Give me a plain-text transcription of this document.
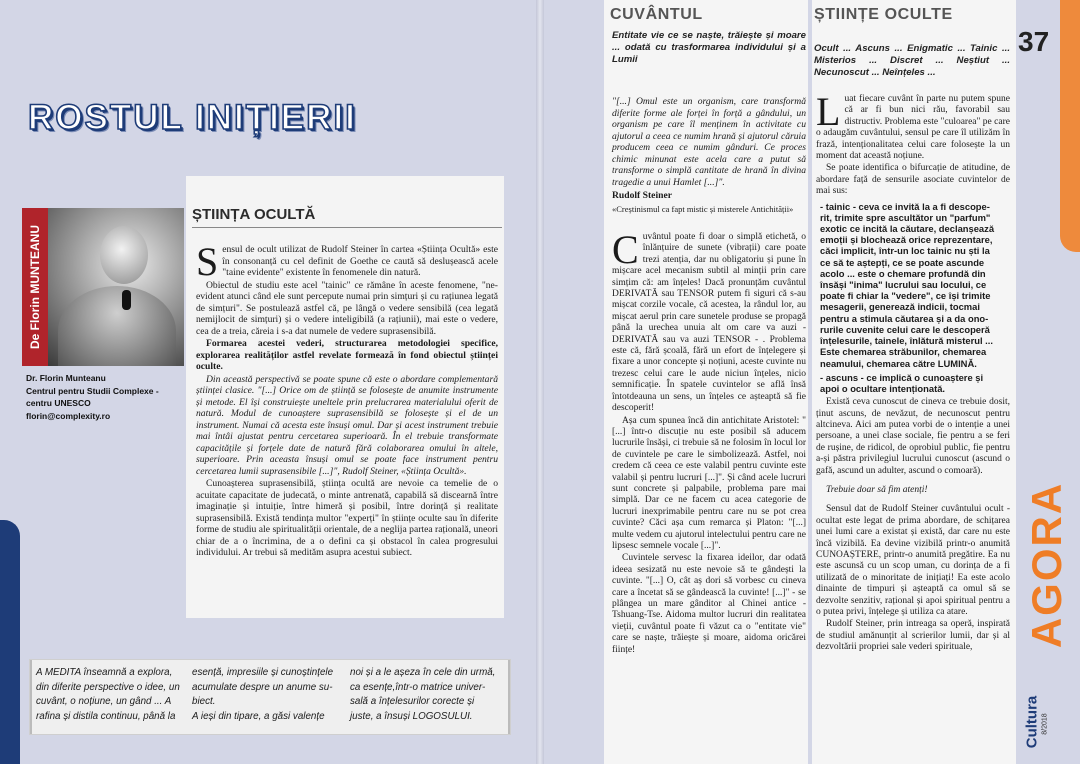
ROSTUL INIȚIERII
De Florin MUNTEANU
Dr. Florin Munteanu
Centrul pentru Studii Complexe -
centru UNESCO
florin@complexity.ro
ȘTIINȚA OCULTĂ

Sensul de ocult utilizat de Rudolf Steiner în cartea «Știința Ocultă» este în consonanță cu cel definit de Goethe ce caută să deslușească acele "taine evidente" existente în fenomenele din natură.

Obiectul de studiu este acel "tainic" ce rămâne în aceste fenomene, "ne-evident atunci când ele sunt percepute numai prin simțuri și cu rațiunea legată de simțuri". Se postulează astfel că, pe lângă o vedere sensibilă (cea legată nemijlocit de simțuri) și o vedere inteligibilă (a rațiunii), mai este o vedere, cea de a treia, căreia i s-a dat numele de vedere suprasensibilă.

Formarea acestei vederi, structurarea metodologiei specifice, explorarea realităților astfel revelate formează în fond obiectul științei oculte.

Din această perspectivă se poate spune că este o abordare complementară științei clasice. "[...] Orice om de știință se folosește de anumite instrumente și metode. El își construiește uneltele prin prelucrarea materialului oferit de natură. Modul de cunoaștere suprasensibilă se folosește și el de un instrument. Numai că acesta este însuși omul. Dar și acest instrument trebuie mai întâi ajustat pentru cercetarea superioară. În el trebuie transformate capacitățile și forțele date de natură fără colaborarea omului în altele, superioare. Prin aceasta însuși omul se poate face instrument pentru cercetarea lumii suprasensibile [...]", Rudolf Steiner, «Știința Ocultă».

Cunoașterea suprasensibilă, știința ocultă are nevoie ca temelie de o acuitate capacitate de judecată, o minte antrenată, capabilă să discearnă între imaginație și intuiție, între himeră și posibil, între dorință și realitate suprasensibilă. Există tendința multor "experți" în științe oculte sau în diferite forme de studiu ale spiritualității orientale, de a neglija partea rațională, uneori chiar de a o încrimina, de a o defini ca și obstacol în calea progresului individului. Ar trebui să medităm asupra acestui subiect.

A MEDITA înseamnă a explora,
din diferite perspective o idee, un
cuvânt, o noțiune, un gând ... A
rafina și distila continuu, până la
esență, impresiile și cunoștințele
acumulate despre un anume su-
biect.
A ieși din tipare, a găsi valențe
noi și a le așeza în cele din urmă,
ca esențe,într-o matrice univer-
sală a înțelesurilor corecte și
juste, a însuși LOGOSULUI.
CUVÂNTUL	ȘTIINȚE OCULTE
37
Entitate vie ce se naște, trăiește și moare ... odată cu trasformarea individului și a Lumii
Ocult ... Ascuns ... Enigmatic ... Tainic ... Misterios ... Discret ... Neștiut ... Necunoscut ... Neînțeles ...
"[...] Omul este un organism, care transformă diferite forme ale forței în forță a gândului, un organism pe care îl menținem în activitate cu ajutorul a ceea ce numim hrană și ajutorul căruia producem ceea ce numim gânduri. Ce proces chimic minunat este acela care a putut să transforme o simplă cantitate de hrană în divina tragedie a unui Hamlet [...]".
Rudolf Steiner
«Creștinismul ca fapt mistic și misterele Antichității»

Cuvântul poate fi doar o simplă etichetă, o înlănțuire de sunete (vibrații) care poate trezi atenția, dar nu obligatoriu și pune în mișcare acel mecanism subtil al minții prin care simțim că: am înțeles! Dacă pronunțăm cuvântul DERIVATĂ sau TENSOR putem fi siguri că s-au mișcat corzile vocale, că acestea, la rândul lor, au mișcat aerul prin care sunetele produse se propagă până la urechea unuia alt om care va auzi - DERIVATĂ sau va auzi TENSOR - . Problema este că, fără școală, fără un efort de înțelegere și fixare a unor concepte și noțiuni, aceste cuvinte nu trezesc celui care le aude niciun înțeles, nicio semnificație. În spatele cuvintelor se află însă întotdeauna un sens, un înțeles ce așteaptă să fie descoperit!

Așa cum spunea încă din antichitate Aristotel: "[...] într-o discuție nu este posibil să aducem lucrurile însăși, ci trebuie să ne folosim în locul lor de cuvintele pe care le simbolizează. Astfel, noi credem că ceea ce este valabil pentru cuvinte este valabil și pentru lucruri [...]". Și când acele lucruri sunt concrete și palpabile, problema pare mai simplă. Dar ce ne facem cu acea categorie de lucruri inexprimabile pentru care nu se pot crea cuvinte? Căci așa cum remarca și Platon: "[...] multe vedem cu ajutorul intelectului pentru care ne lipsesc semnele vocale [...]".

Cuvintele servesc la fixarea ideilor, dar odată ideea sesizată nu este nevoie să te gândești la cuvinte. "[...] O, cât aș dori să vorbesc cu cineva care a încetat să se gândească la cuvinte! [...]" - se plângea un mare gânditor al Chinei antice - Tshuang-Tse. Aidoma multor lucruri din realitatea vieții, cuvântul poate fi văzut ca o "entitate vie" care se naște, trăiește și moare, aidoma oricărei ființe!

Luat fiecare cuvânt în parte nu putem spune că ar fi bun nici rău, favorabil sau distructiv. Problema este "culoarea" pe care o adaugăm cuvântului, sensul pe care îl utilizăm în frază, intenționalitatea celui care folosește la un moment dat această noțiune.

Se poate identifica o bifurcație de atitudine, de abordare față de sensurile asociate cuvintelor de mai sus:

- tainic - ceva ce invită la a fi descope-
rit, trimite spre ascultător un "parfum"
exotic ce incită la căutare, declanșează
emoții și blochează orice reprezentare,
căci implicit, într-un loc tainic nu ști la
ce să te aștepți, ce se poate ascunde
acolo ... este o chemare profundă din
însăși "inima" lucrului sau locului, ce
poate fi chiar la "vedere", ce își trimite
mesagerii, generează indicii, tocmai
pentru a stimula căutarea și a da ono-
rurile cuvenite celui care le descoperă
înțelesurile, tainele, înlătură misterul ...
Este chemarea străbunilor, chemarea
neamului, chemarea către LUMINĂ.
- ascuns - ce implică o cunoaștere și
apoi o ocultare intenționată.

Există ceva cunoscut de cineva ce trebuie dosit, ținut ascuns, de nevăzut, de necunoscut pentru altcineva. Aici am putea vorbi de o intenție a unei persoane, a unei clase sociale, fie pentru a se feri de rușine, de ridicol, de oprobiul public, fie pentru a-și păstra privilegiul lucrului cunoscut (ascund o gafă, ascund un adulter, ascund o comoară).

Trebuie doar să fim atenți!

Sensul dat de Rudolf Steiner cuvântului ocult - ocultat este legat de prima abordare, de schițarea unei lumi care a existat și există, dar care nu este încă vizibilă. Ea devine vizibilă printr-o anumită CUNOAȘTERE, printr-o anumită pregătire. Ea nu este ascunsă cu un scop uman, cu dorința de a fi utilizată de o minoritate de inițiați! Ea este acolo dinainte de timpuri și așteaptă ca omul să se dezvolte senzitiv, rațional și apoi spiritual pentru a o putea privi, înțelege și utiliza ca atare.

Rudolf Steiner, prin intreaga sa operă, inspirată de studiul amănunțit al scrierilor lumii, dar și al dezvoltării propriei sale vederi spirituale,	AGORA
Cultura 8/2018
